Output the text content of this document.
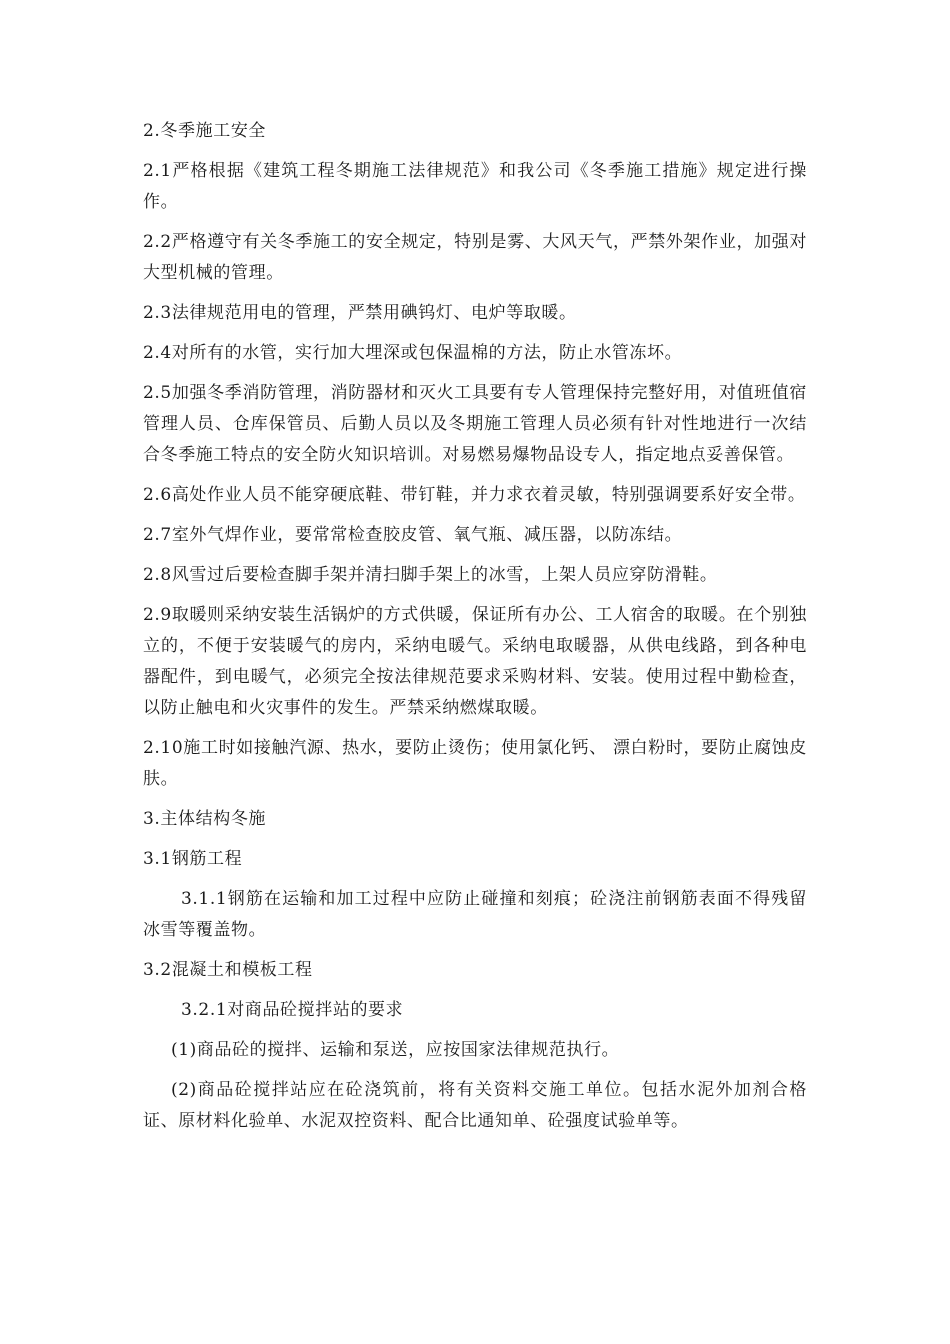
2.冬季施工安全

2.1严格根据《建筑工程冬期施工法律规范》和我公司《冬季施工措施》规定进行操作。

2.2严格遵守有关冬季施工的安全规定，特别是雾、大风天气，严禁外架作业，加强对大型机械的管理。

2.3法律规范用电的管理，严禁用碘钨灯、电炉等取暖。

2.4对所有的水管，实行加大埋深或包保温棉的方法，防止水管冻坏。

2.5加强冬季消防管理，消防器材和灭火工具要有专人管理保持完整好用，对值班值宿管理人员、仓库保管员、后勤人员以及冬期施工管理人员必须有针对性地进行一次结合冬季施工特点的安全防火知识培训。对易燃易爆物品设专人，指定地点妥善保管。

2.6高处作业人员不能穿硬底鞋、带钉鞋，并力求衣着灵敏，特别强调要系好安全带。

2.7室外气焊作业，要常常检查胶皮管、氧气瓶、减压器，以防冻结。

2.8风雪过后要检查脚手架并清扫脚手架上的冰雪，上架人员应穿防滑鞋。

2.9取暖则采纳安装生活锅炉的方式供暖，保证所有办公、工人宿舍的取暖。在个别独立的，不便于安装暖气的房内，采纳电暖气。采纳电取暖器，从供电线路，到各种电器配件，到电暖气，必须完全按法律规范要求采购材料、安装。使用过程中勤检查，以防止触电和火灾事件的发生。严禁采纳燃煤取暖。

2.10施工时如接触汽源、热水，要防止烫伤；使用氯化钙、 漂白粉时，要防止腐蚀皮肤。

3.主体结构冬施

3.1钢筋工程

3.1.1钢筋在运输和加工过程中应防止碰撞和刻痕；砼浇注前钢筋表面不得残留冰雪等覆盖物。

3.2混凝土和模板工程

3.2.1对商品砼搅拌站的要求

(1)商品砼的搅拌、运输和泵送，应按国家法律规范执行。

(2)商品砼搅拌站应在砼浇筑前，将有关资料交施工单位。包括水泥外加剂合格证、原材料化验单、水泥双控资料、配合比通知单、砼强度试验单等。
